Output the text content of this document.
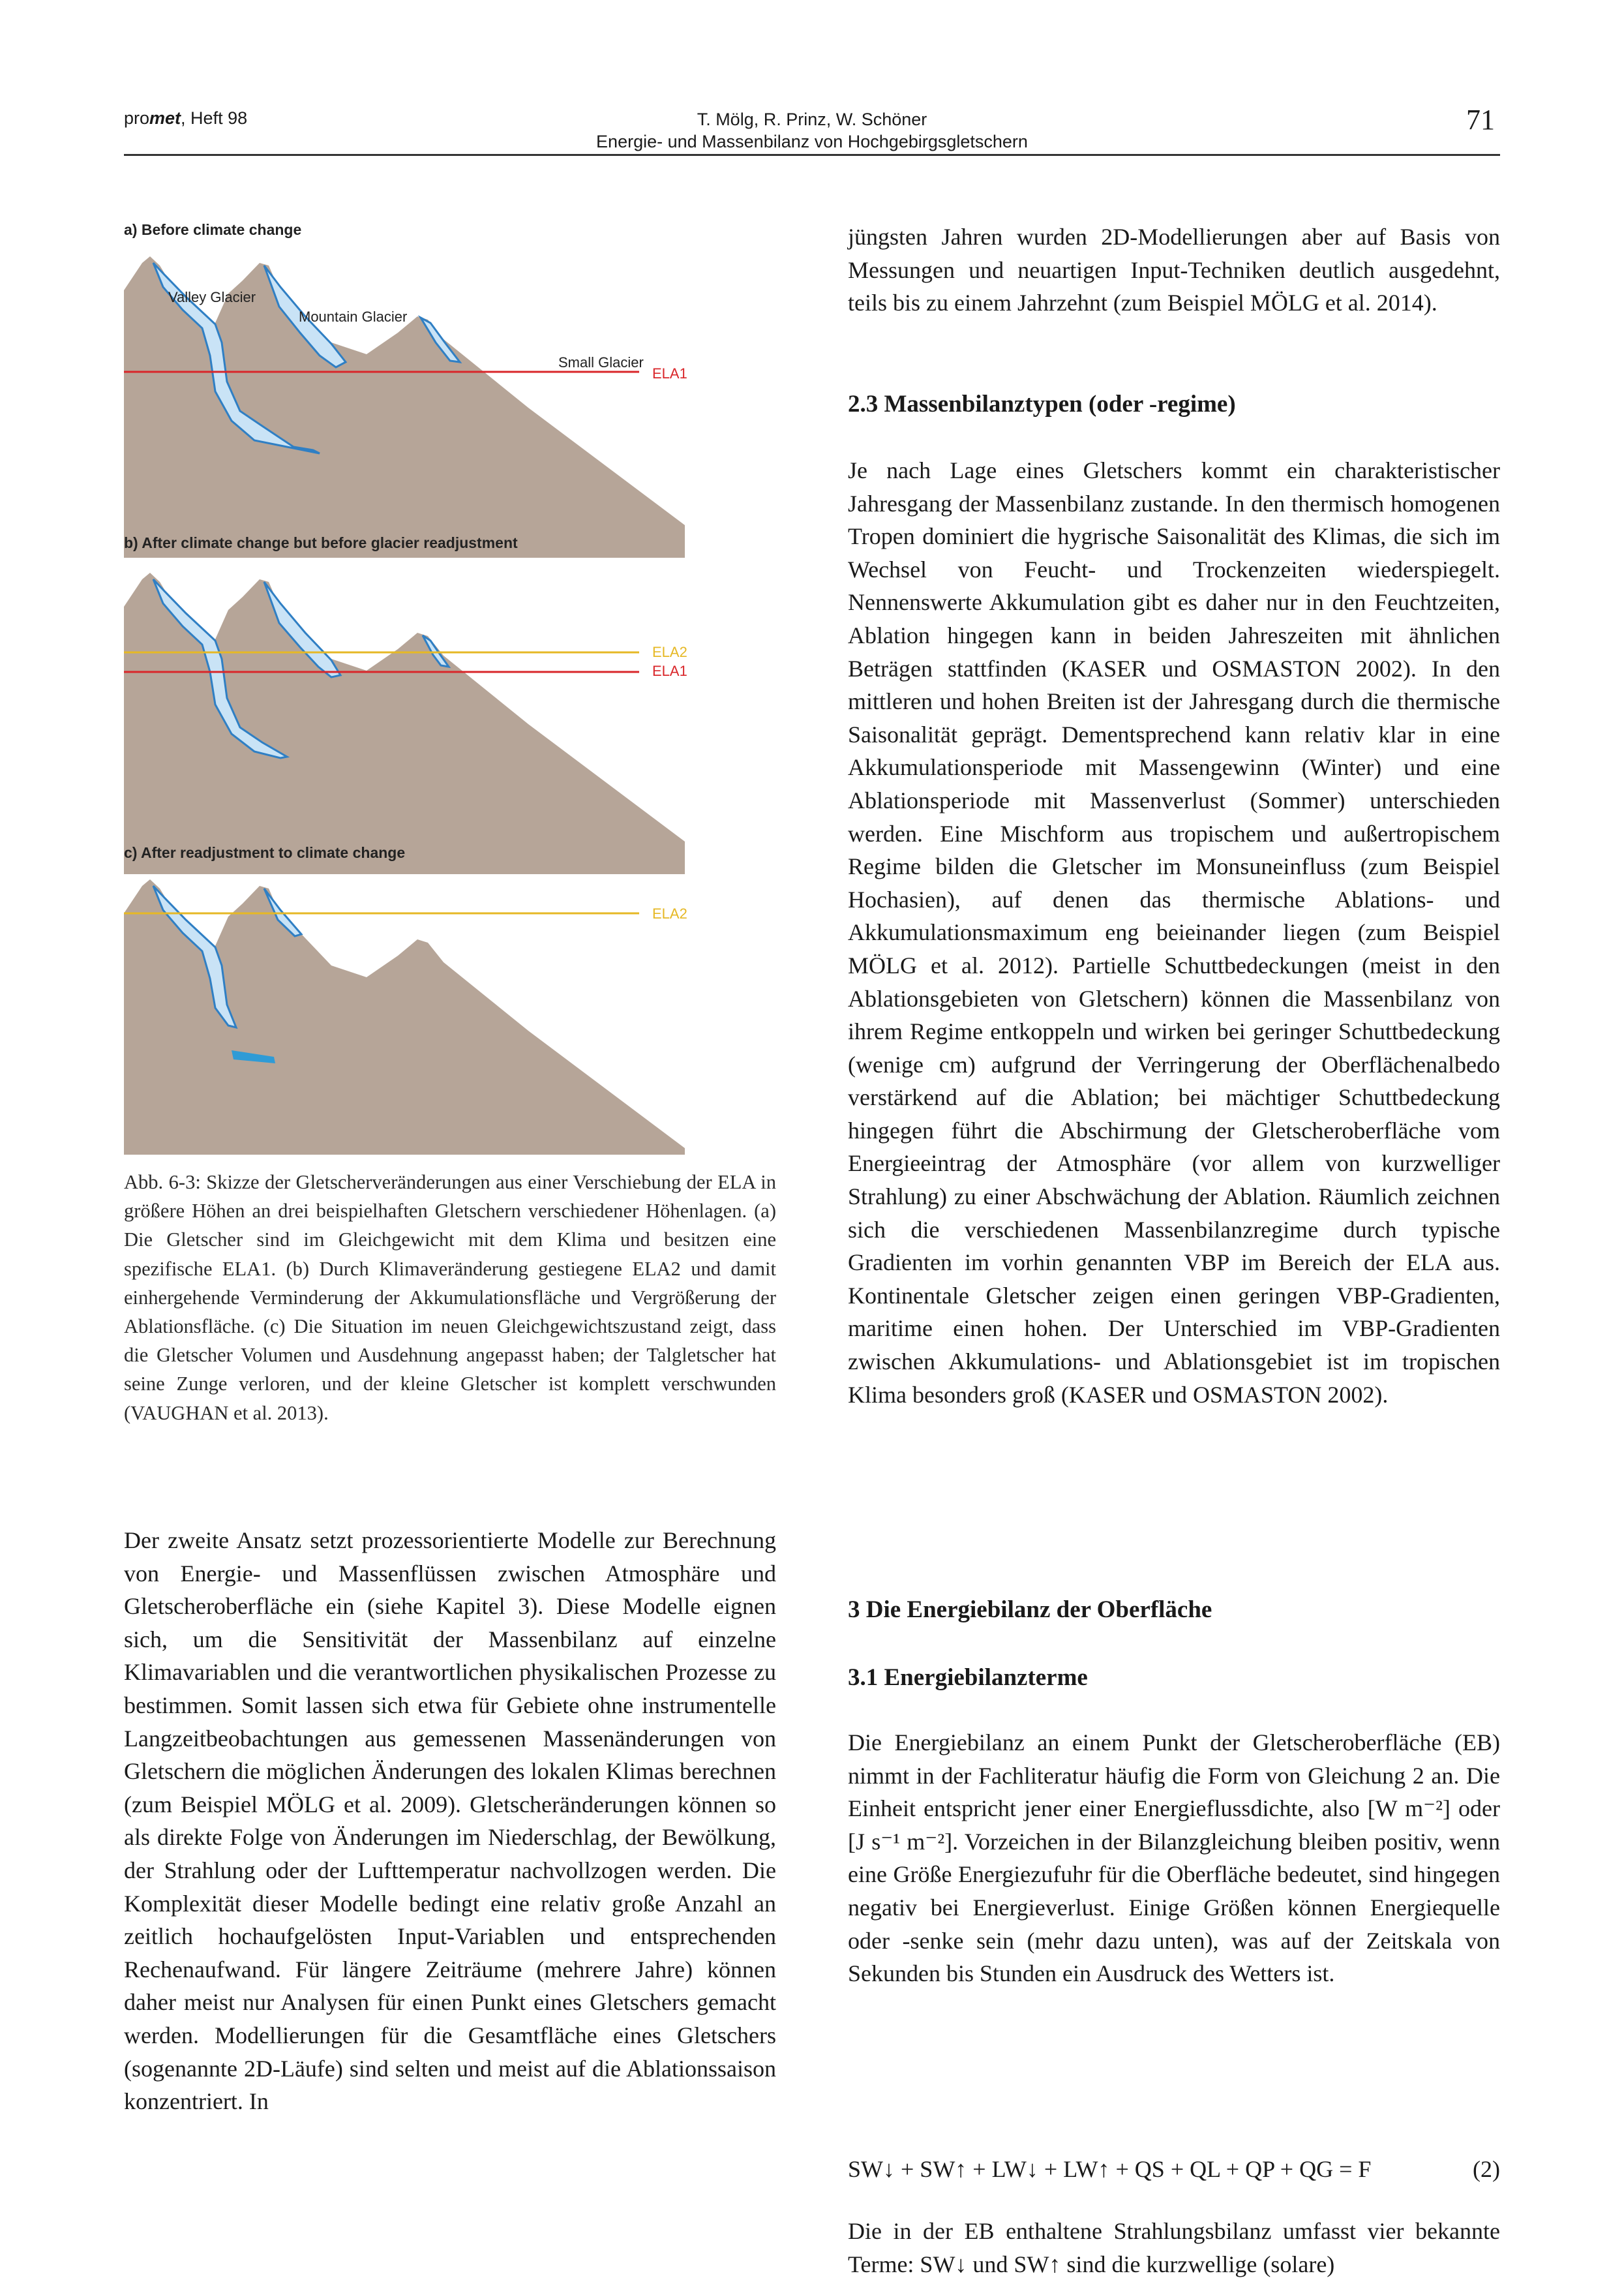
promet, Heft 98	T. Mölg, R. Prinz, W. Schöner
Energie- und Massenbilanz von Hochgebirgsgletschern
71
a) Before climate change
ELA1
Valley Glacier
Mountain Glacier
Small Glacier
b) After climate change but before glacier readjustment
ELA2
ELA1
c) After readjustment to climate change
ELA2
Abb. 6-3: Skizze der Gletscherveränderungen aus einer Verschiebung der ELA in größere Höhen an drei beispielhaften Gletschern verschiedener Höhenlagen. (a) Die Gletscher sind im Gleichgewicht mit dem Klima und besitzen eine spezifische ELA1. (b) Durch Klimaveränderung gestiegene ELA2 und damit einhergehende Verminderung der Akkumulationsfläche und Vergrößerung der Ablationsfläche. (c) Die Situation im neuen Gleichgewichtszustand zeigt, dass die Gletscher Volumen und Ausdehnung angepasst haben; der Talgletscher hat seine Zunge verloren, und der kleine Gletscher ist komplett verschwunden (VAUGHAN et al. 2013).

Der zweite Ansatz setzt prozessorientierte Modelle zur Berechnung von Energie- und Massenflüssen zwischen Atmosphäre und Gletscheroberfläche ein (siehe Kapitel 3). Diese Modelle eignen sich, um die Sensitivität der Massenbilanz auf einzelne Klimavariablen und die verantwortlichen physikalischen Prozesse zu bestimmen. Somit lassen sich etwa für Gebiete ohne instrumentelle Langzeitbeobachtungen aus gemessenen Massenänderungen von Gletschern die möglichen Änderungen des lokalen Klimas berechnen (zum Beispiel MÖLG et al. 2009). Gletscheränderungen können so als direkte Folge von Änderungen im Niederschlag, der Bewölkung, der Strahlung oder der Lufttemperatur nachvollzogen werden. Die Komplexität dieser Modelle bedingt eine relativ große Anzahl an zeitlich hochaufgelösten Input-Variablen und entsprechenden Rechenaufwand. Für längere Zeiträume (mehrere Jahre) können daher meist nur Analysen für einen Punkt eines Gletschers gemacht werden. Modellierungen für die Gesamtfläche eines Gletschers (sogenannte 2D-Läufe) sind selten und meist auf die Ablationssaison konzentriert. In

jüngsten Jahren wurden 2D-Modellierungen aber auf Basis von Messungen und neuartigen Input-Techniken deutlich ausgedehnt, teils bis zu einem Jahrzehnt (zum Beispiel MÖLG et al. 2014).

2.3 Massenbilanztypen (oder -regime)

Je nach Lage eines Gletschers kommt ein charakteristischer Jahresgang der Massenbilanz zustande. In den thermisch homogenen Tropen dominiert die hygrische Saisonalität des Klimas, die sich im Wechsel von Feucht- und Trockenzeiten wiederspiegelt. Nennenswerte Akkumulation gibt es daher nur in den Feuchtzeiten, Ablation hingegen kann in beiden Jahreszeiten mit ähnlichen Beträgen stattfinden (KASER und OSMASTON 2002). In den mittleren und hohen Breiten ist der Jahresgang durch die thermische Saisonalität geprägt. Dementsprechend kann relativ klar in eine Akkumulationsperiode mit Massengewinn (Winter) und eine Ablationsperiode mit Massenverlust (Sommer) unterschieden werden. Eine Mischform aus tropischem und außertropischem Regime bilden die Gletscher im Monsuneinfluss (zum Beispiel Hochasien), auf denen das thermische Ablations- und Akkumulationsmaximum eng beieinander liegen (zum Beispiel MÖLG et al. 2012). Partielle Schuttbedeckungen (meist in den Ablationsgebieten von Gletschern) können die Massenbilanz von ihrem Regime entkoppeln und wirken bei geringer Schuttbedeckung (wenige cm) aufgrund der Verringerung der Oberflächenalbedo verstärkend auf die Ablation; bei mächtiger Schuttbedeckung hingegen führt die Abschirmung der Gletscheroberfläche vom Energieeintrag der Atmosphäre (vor allem von kurzwelliger Strahlung) zu einer Abschwächung der Ablation. Räumlich zeichnen sich die verschiedenen Massenbilanzregime durch typische Gradienten im vorhin genannten VBP im Bereich der ELA aus. Kontinentale Gletscher zeigen einen geringen VBP-Gradienten, maritime einen hohen. Der Unterschied im VBP-Gradienten zwischen Akkumulations- und Ablationsgebiet ist im tropischen Klima besonders groß (KASER und OSMASTON 2002).

3 Die Energiebilanz der Oberfläche
3.1 Energiebilanzterme

Die Energiebilanz an einem Punkt der Gletscheroberfläche (EB) nimmt in der Fachliteratur häufig die Form von Gleichung 2 an. Die Einheit entspricht jener einer Energieflussdichte, also [W m⁻²] oder [J s⁻¹ m⁻²]. Vorzeichen in der Bilanzgleichung bleiben positiv, wenn eine Größe Energiezufuhr für die Oberfläche bedeutet, sind hingegen negativ bei Energieverlust. Einige Größen können Energiequelle oder -senke sein (mehr dazu unten), was auf der Zeitskala von Sekunden bis Stunden ein Ausdruck des Wetters ist.

SW↓ + SW↑ + LW↓ + LW↑ + QS + QL + QP + QG = F	(2)
Die in der EB enthaltene Strahlungsbilanz umfasst vier bekannte Terme: SW↓ und SW↑ sind die kurzwellige (solare)
